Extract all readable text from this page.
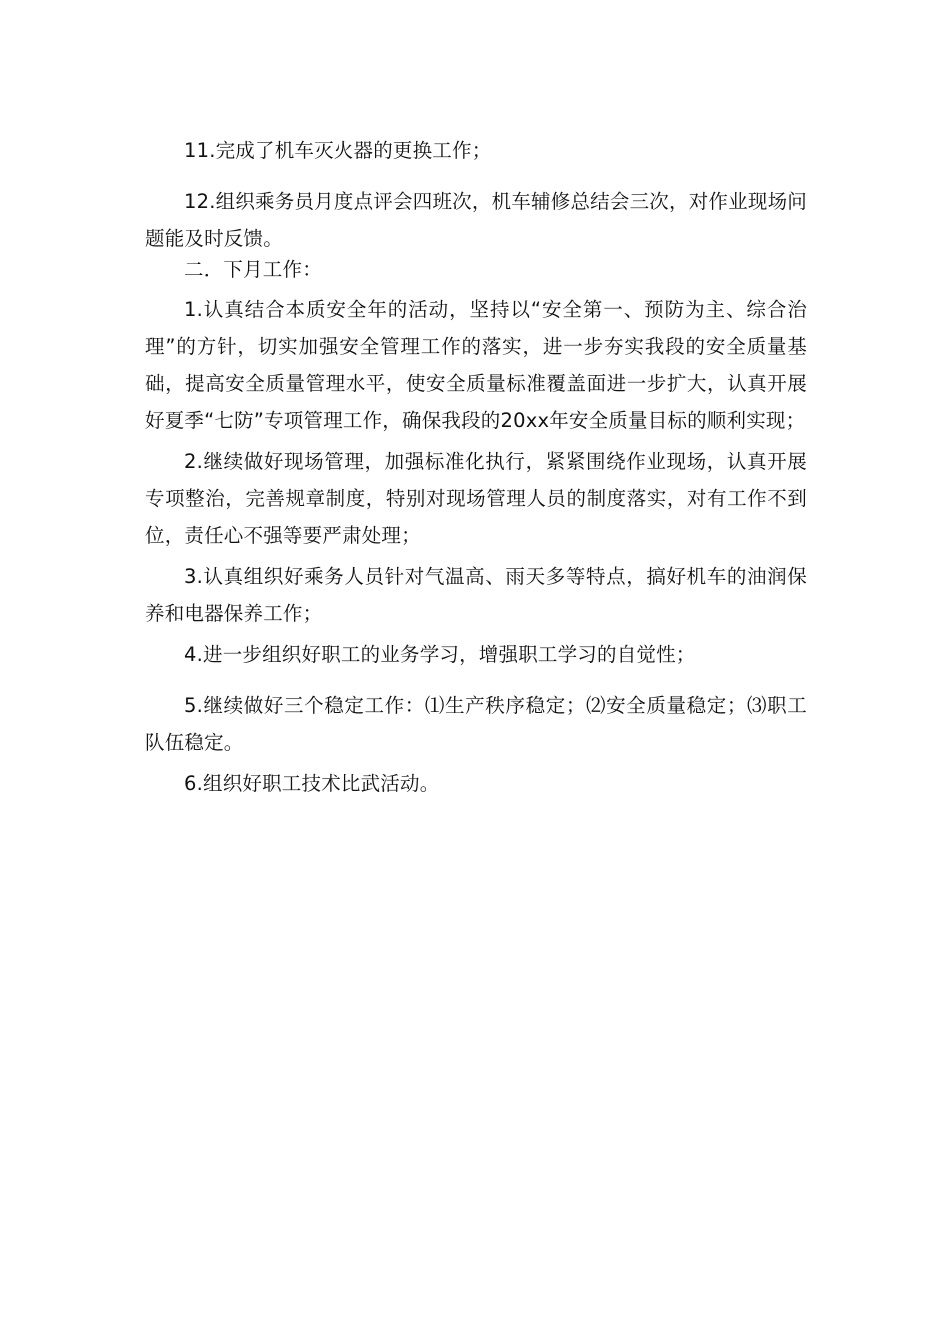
11.完成了机车灭火器的更换工作；

12.组织乘务员月度点评会四班次，机车辅修总结会三次，对作业现场问题能及时反馈。

二．下月工作：

1.认真结合本质安全年的活动，坚持以“安全第一、预防为主、综合治理”的方针，切实加强安全管理工作的落实，进一步夯实我段的安全质量基础，提高安全质量管理水平，使安全质量标准覆盖面进一步扩大，认真开展好夏季“七防”专项管理工作，确保我段的20xx年安全质量目标的顺利实现；

2.继续做好现场管理，加强标准化执行，紧紧围绕作业现场，认真开展专项整治，完善规章制度，特别对现场管理人员的制度落实，对有工作不到位，责任心不强等要严肃处理；

3.认真组织好乘务人员针对气温高、雨天多等特点，搞好机车的油润保养和电器保养工作；

4.进一步组织好职工的业务学习，增强职工学习的自觉性；

5.继续做好三个稳定工作：⑴生产秩序稳定；⑵安全质量稳定；⑶职工队伍稳定。

6.组织好职工技术比武活动。
